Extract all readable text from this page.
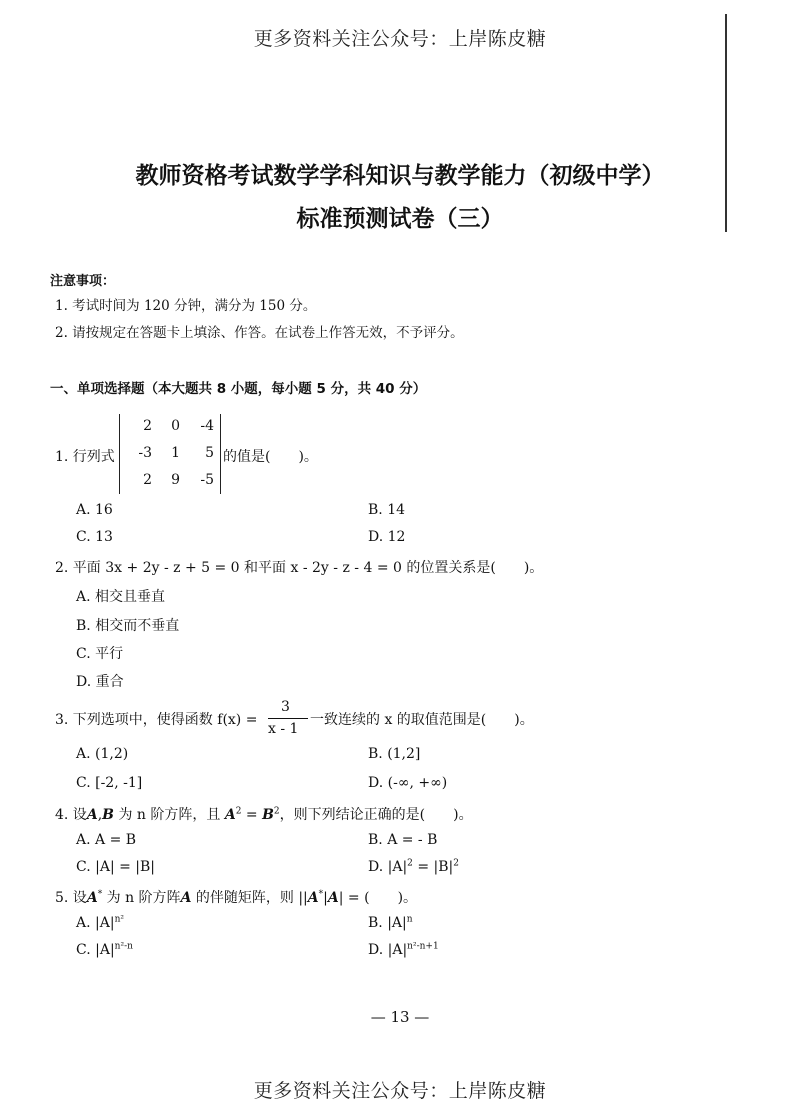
更多资料关注公众号：上岸陈皮糖
教师资格考试数学学科知识与教学能力（初级中学）
标准预测试卷（三）
注意事项：
1. 考试时间为 120 分钟，满分为 150 分。
2. 请按规定在答题卡上填涂、作答。在试卷上作答无效，不予评分。
一、单项选择题（本大题共 8 小题，每小题 5 分，共 40 分）
1. 行列式
2	0	-4
-3	1	5
2	9	-5
的值是(　　)。
A. 16	B. 14
C. 13	D. 12
2. 平面 3x + 2y - z + 5 = 0 和平面 x - 2y - z - 4 = 0 的位置关系是(　　)。
A. 相交且垂直
B. 相交而不垂直
C. 平行
D. 重合
3. 下列选项中，使得函数 f(x) =
3
x - 1
一致连续的 x 的取值范围是(　　)。
A. (1,2)	B. (1,2]
C. [-2, -1]	D. (-∞, +∞)
4. 设A,B 为 n 阶方阵，且 $A^2 = B^2$，则下列结论正确的是(　　)。
A. A = B	B. A = - B
C. |A| = |B|	D. $|A|^2 = |B|^2$
5. 设A* 为 n 阶方阵A 的伴随矩阵，则 ||A*|A| = (　　)。
A. $|A|^{n^2}$	B. $|A|^n$
C. $|A|^{n^2-n}$	D. $|A|^{n^2-n+1}$
— 13 —
更多资料关注公众号：上岸陈皮糖
